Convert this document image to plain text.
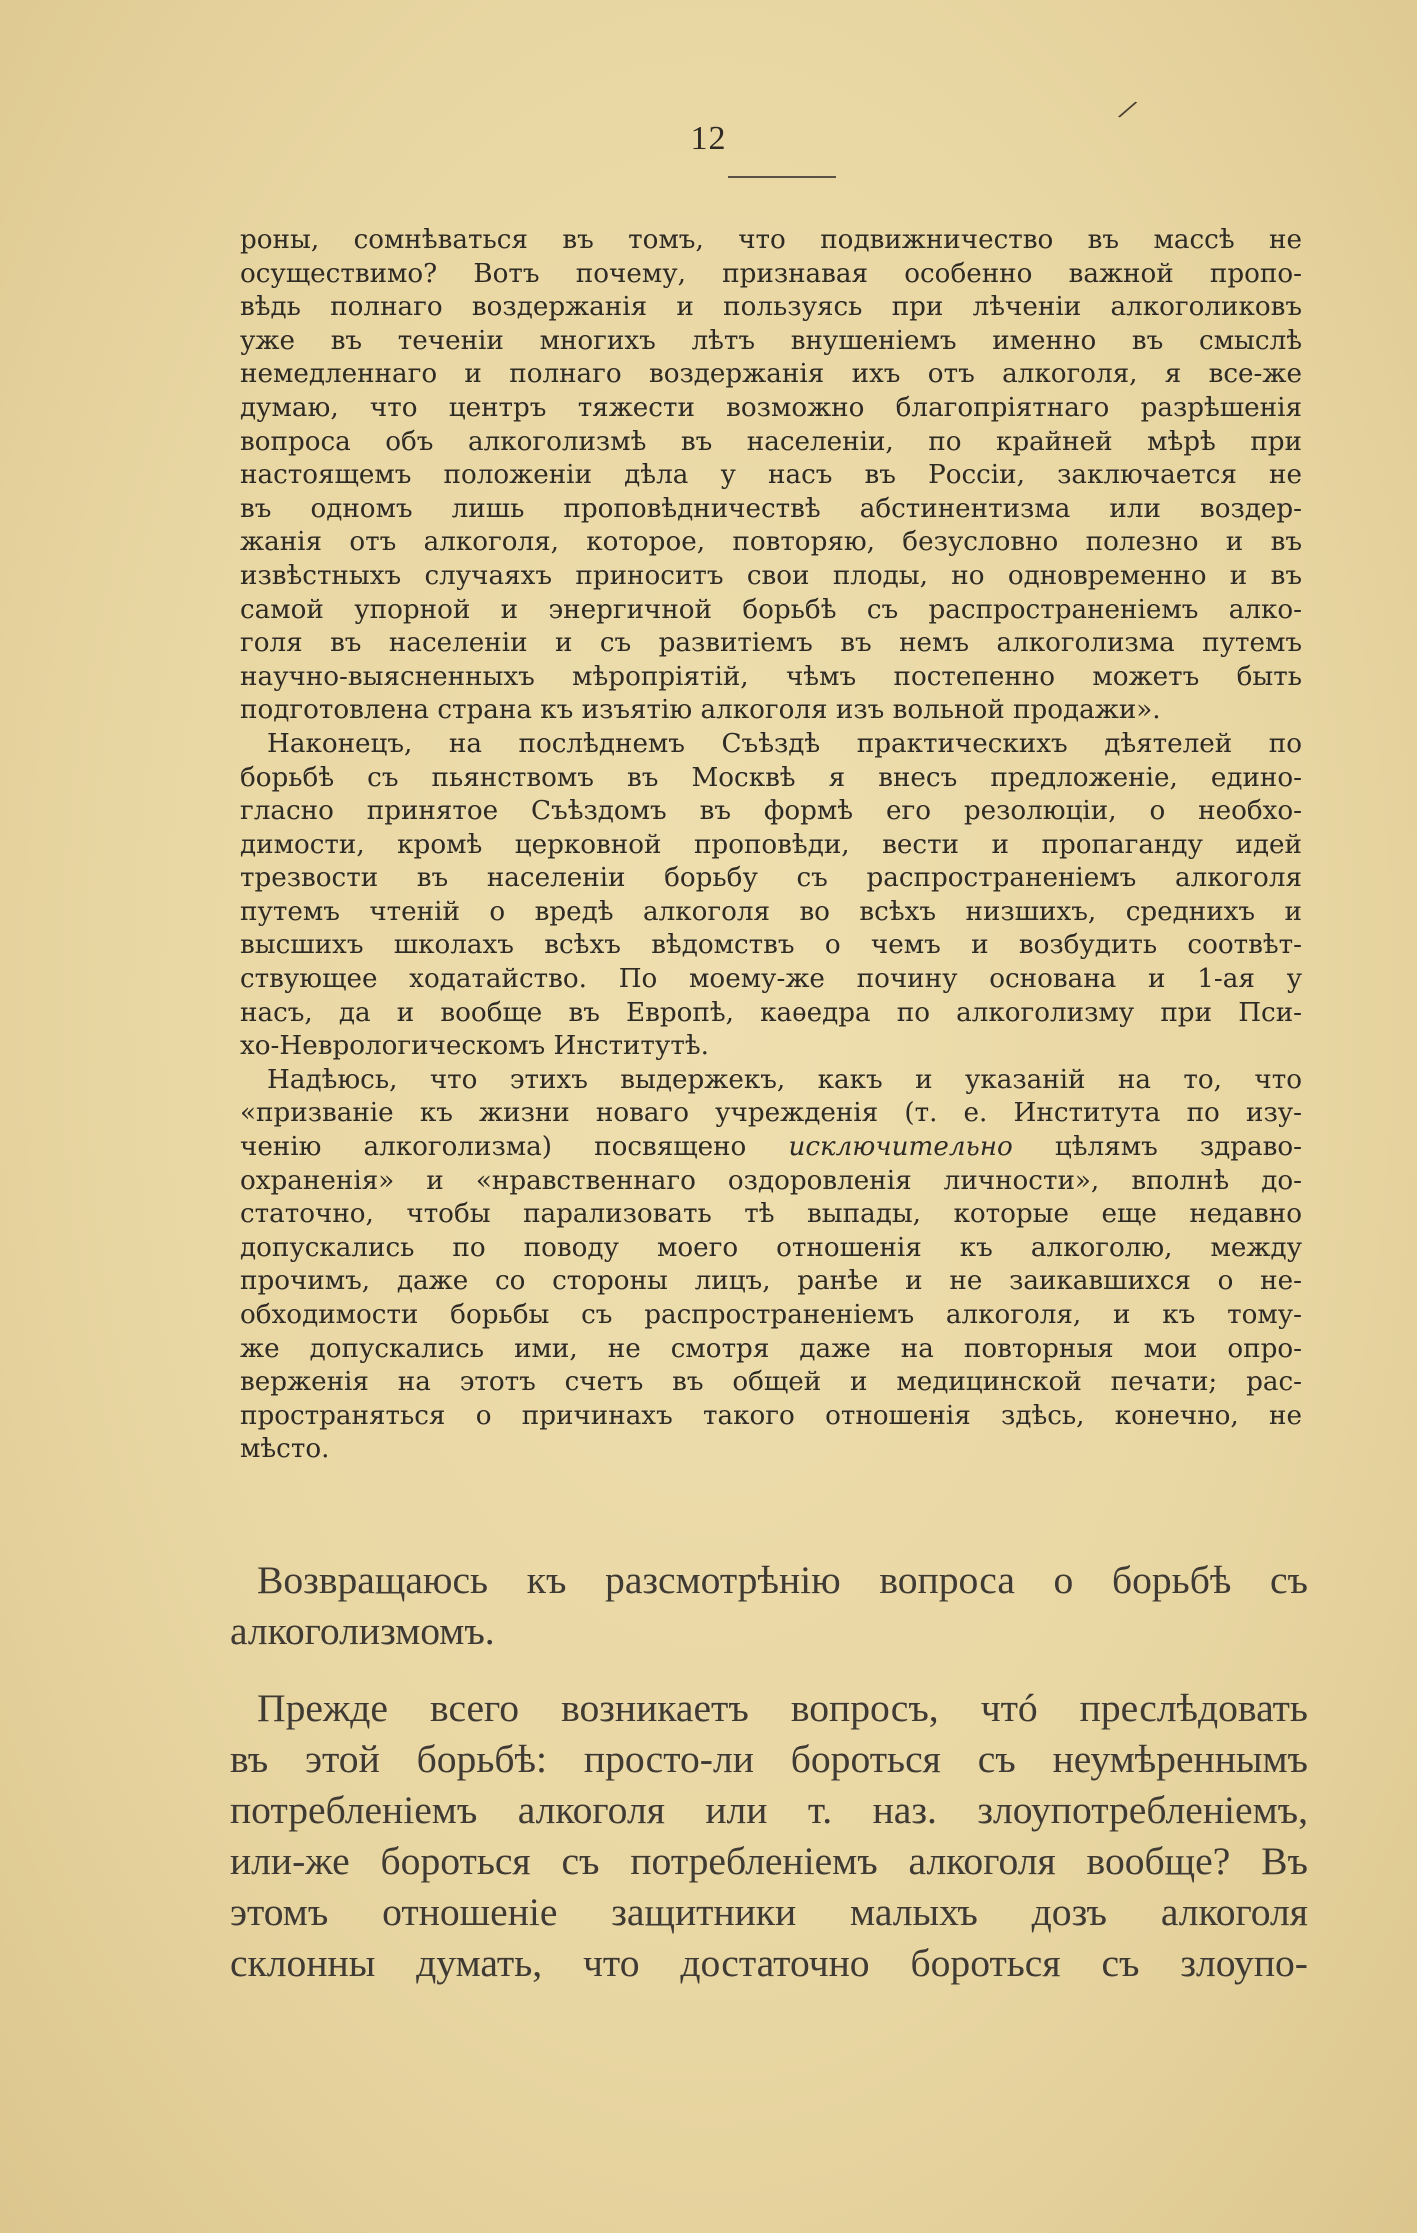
12
⁄

роны, сомнѣваться въ томъ, что подвижничество въ массѣ не
осуществимо? Вотъ почему, признавая особенно важной пропо-
вѣдь полнаго воздержанія и пользуясь при лѣченіи алкоголиковъ
уже въ теченіи многихъ лѣтъ внушеніемъ именно въ смыслѣ
немедленнаго и полнаго воздержанія ихъ отъ алкоголя, я все-же
думаю, что центръ тяжести возможно благопріятнаго разрѣшенія
вопроса объ алкоголизмѣ въ населеніи, по крайней мѣрѣ при
настоящемъ положеніи дѣла у насъ въ Россіи, заключается не
въ одномъ лишь проповѣдничествѣ абстинентизма или воздер-
жанія отъ алкоголя, которое, повторяю, безусловно полезно и въ
извѣстныхъ случаяхъ приноситъ свои плоды, но одновременно и въ
самой упорной и энергичной борьбѣ съ распространеніемъ алко-
голя въ населеніи и съ развитіемъ въ немъ алкоголизма путемъ
научно-выясненныхъ мѣропріятій, чѣмъ постепенно можетъ быть
подготовлена страна къ изъятію алкоголя изъ вольной продажи».

Наконецъ, на послѣднемъ Съѣздѣ практическихъ дѣятелей по
борьбѣ съ пьянствомъ въ Москвѣ я внесъ предложеніе, едино-
гласно принятое Съѣздомъ въ формѣ его резолюціи, о необхо-
димости, кромѣ церковной проповѣди, вести и пропаганду идей
трезвости въ населеніи борьбу съ распространеніемъ алкоголя
путемъ чтеній о вредѣ алкоголя во всѣхъ низшихъ, среднихъ и
высшихъ школахъ всѣхъ вѣдомствъ о чемъ и возбудить соотвѣт-
ствующее ходатайство. По моему-же почину основана и 1-ая у
насъ, да и вообще въ Европѣ, каѳедра по алкоголизму при Пси-
хо-Неврологическомъ Институтѣ.

Надѣюсь, что этихъ выдержекъ, какъ и указаній на то, что
«призваніе къ жизни новаго учрежденія (т. е. Института по изу-
ченію алкоголизма) посвященo исключительно цѣлямъ здраво-
охраненія» и «нравственнаго оздоровленія личности», вполнѣ до-
статочно, чтобы парализовать тѣ выпады, которые еще недавно
допускались по поводу моего отношенія къ алкоголю, между
прочимъ, даже со стороны лицъ, ранѣе и не заикавшихся о не-
обходимости борьбы съ распространеніемъ алкоголя, и къ тому-
же допускались ими, не смотря даже на повторныя мои опро-
верженія на этотъ счетъ въ общей и медицинской печати; рас-
пространяться о причинахъ такого отношенія здѣсь, конечно, не
мѣсто.

Возвращаюсь къ разсмотрѣнію вопроса о борьбѣ съ
алкоголизмомъ.

Прежде всего возникаетъ вопросъ, чтó преслѣдовать
въ этой борьбѣ: просто-ли бороться съ неумѣреннымъ
потребленіемъ алкоголя или т. наз. злоупотребленіемъ,
или-же бороться съ потребленіемъ алкоголя вообще? Въ
этомъ отношеніе защитники малыхъ дозъ алкоголя
склонны думать, что достаточно бороться съ злоупо-
